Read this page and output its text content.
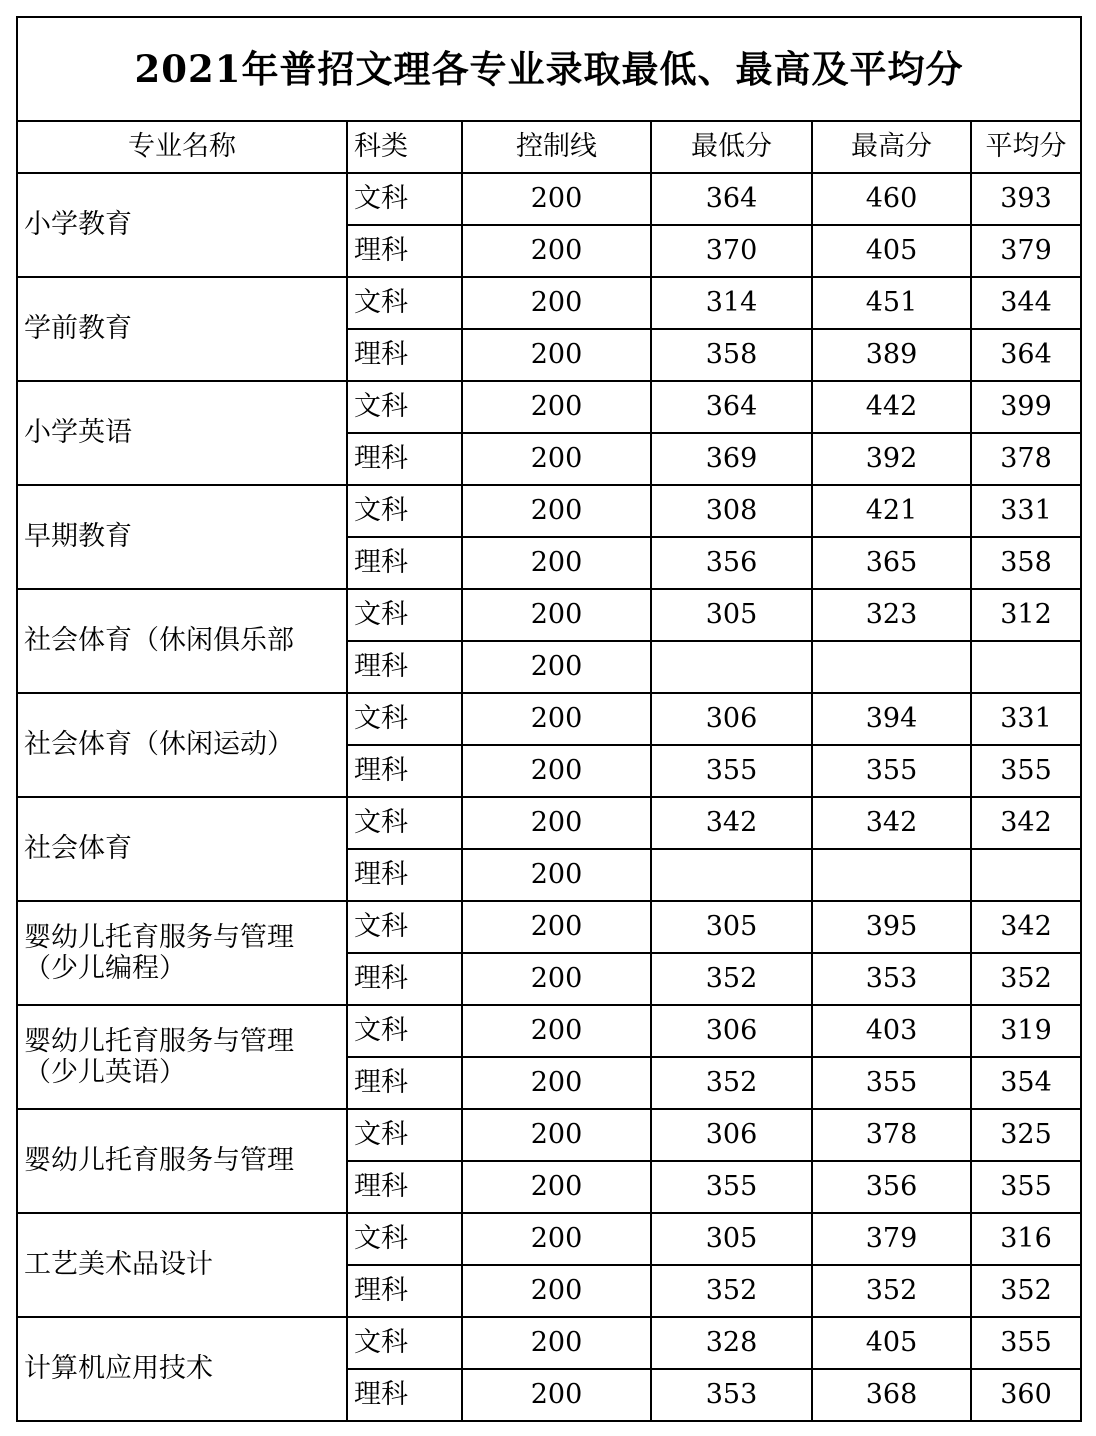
2021年普招文理各专业录取最低、最高及平均分					
专业名称	科类	控制线	最低分	最高分	平均分
小学教育	文科	200	364	460	393
	理科	200	370	405	379
学前教育	文科	200	314	451	344
	理科	200	358	389	364
小学英语	文科	200	364	442	399
	理科	200	369	392	378
早期教育	文科	200	308	421	331
	理科	200	356	365	358
社会体育（休闲俱乐部	文科	200	305	323	312
	理科	200			
社会体育（休闲运动）	文科	200	306	394	331
	理科	200	355	355	355
社会体育	文科	200	342	342	342
	理科	200			
婴幼儿托育服务与管理（少儿编程）	文科	200	305	395	342
	理科	200	352	353	352
婴幼儿托育服务与管理（少儿英语）	文科	200	306	403	319
	理科	200	352	355	354
婴幼儿托育服务与管理	文科	200	306	378	325
	理科	200	355	356	355
工艺美术品设计	文科	200	305	379	316
	理科	200	352	352	352
计算机应用技术	文科	200	328	405	355
	理科	200	353	368	360
